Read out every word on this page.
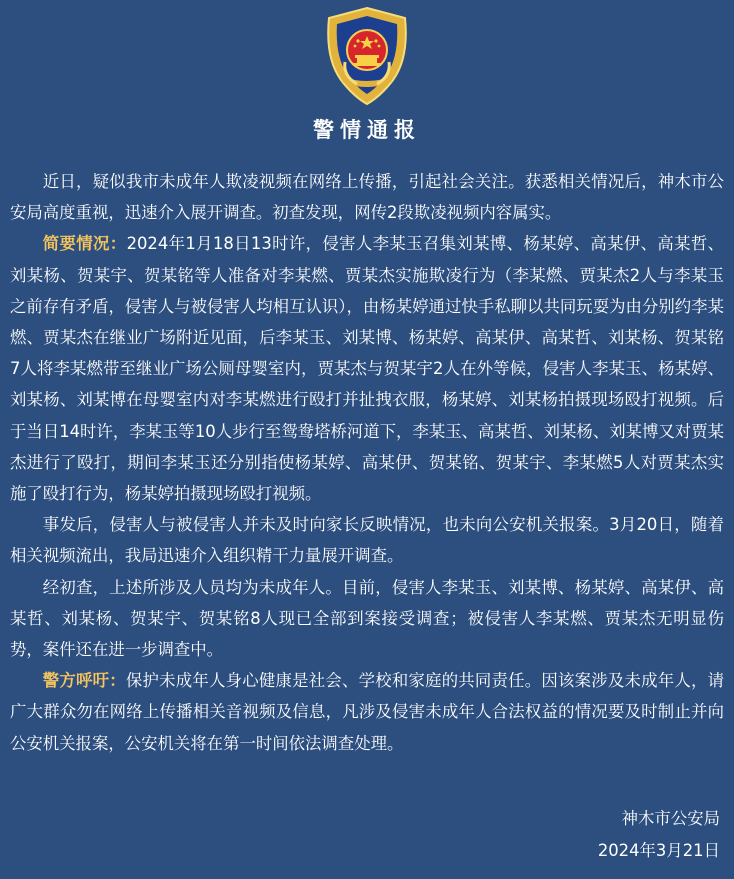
警情通报

近日，疑似我市未成年人欺凌视频在网络上传播，引起社会关注。获悉相关情况后，神木市公安局高度重视，迅速介入展开调查。初查发现，网传2段欺凌视频内容属实。

简要情况：2024年1月18日13时许，侵害人李某玉召集刘某博、杨某婷、高某伊、高某哲、刘某杨、贺某宇、贺某铭等人准备对李某燃、贾某杰实施欺凌行为（李某燃、贾某杰2人与李某玉之前存有矛盾，侵害人与被侵害人均相互认识），由杨某婷通过快手私聊以共同玩耍为由分别约李某燃、贾某杰在继业广场附近见面，后李某玉、刘某博、杨某婷、高某伊、高某哲、刘某杨、贺某铭7人将李某燃带至继业广场公厕母婴室内，贾某杰与贺某宇2人在外等候，侵害人李某玉、杨某婷、刘某杨、刘某博在母婴室内对李某燃进行殴打并扯拽衣服，杨某婷、刘某杨拍摄现场殴打视频。后于当日14时许，李某玉等10人步行至鸳鸯塔桥河道下，李某玉、高某哲、刘某杨、刘某博又对贾某杰进行了殴打，期间李某玉还分别指使杨某婷、高某伊、贺某铭、贺某宇、李某燃5人对贾某杰实施了殴打行为，杨某婷拍摄现场殴打视频。

事发后，侵害人与被侵害人并未及时向家长反映情况，也未向公安机关报案。3月20日，随着相关视频流出，我局迅速介入组织精干力量展开调查。

经初查，上述所涉及人员均为未成年人。目前，侵害人李某玉、刘某博、杨某婷、高某伊、高某哲、刘某杨、贺某宇、贺某铭8人现已全部到案接受调查；被侵害人李某燃、贾某杰无明显伤势，案件还在进一步调查中。

警方呼吁：保护未成年人身心健康是社会、学校和家庭的共同责任。因该案涉及未成年人，请广大群众勿在网络上传播相关音视频及信息，凡涉及侵害未成年人合法权益的情况要及时制止并向公安机关报案，公安机关将在第一时间依法调查处理。

神木市公安局
2024年3月21日
